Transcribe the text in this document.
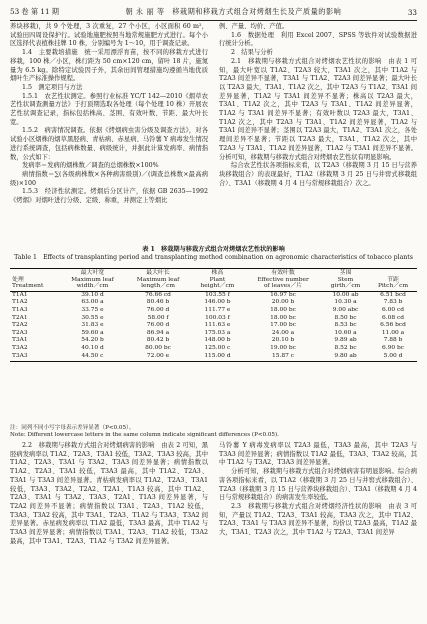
53 卷 第 11 期	朝 永 丽 等　移栽期和移栽方式组合对烤烟生长及产质量的影响	33

养块移栽)，共 9 个处理，3 次重复，27 个小区，小区面积 60 m²，试验田四周设保护行。试验地施肥按照当地常规施肥方式进行。每个小区选择代表植株挂牌 10 株，分别编号为 1～10，用于调查记录。

1.4　主要栽培措施　统一采用漂浮育苗，按不同的移栽方式进行移栽，100 株／小区，株行距为 50 cm×120 cm，留叶 18 片，施氮量为 6.5 kg。除特定试验因子外，其余田间管理措施均遵循当地优质烟叶生产标准操作规程。

1.5　测定项目与方法

1.5.1　农艺性状测定。参照行业标准 YC/T 142—2010《烟草农艺性状调查测量方法》于打顶期选取各处理（每个处理 10 株）开展农艺性状调查记录，指标包括株高、茎围、有效叶数、节距、最大叶长宽。

1.5.2　病害情况调查。依据《烤烟病虫害分级及调查方法》，对各试验小区烟株的烟草黑胫病、青枯病、赤星病、马铃薯 Y 病毒发生情况进行系统调查，包括病株数量、病级统计，并据此计算发病率、病情指数，公式如下：

发病率＝发病的烟株数／调查的总烟株数×100%

病情指数＝∑(各级病株数×各种病害级别)／(调查总株数×最高病级)×100

1.5.3　经济性状测定。烤烟后分区计产，依据 GB 2635—1992《烤烟》对烟叶进行分级、定级、称重，并测定上等烟比

例、产量、均价、产值。

1.6　数据处理　利用 Excel 2007、SPSS 等软件对试验数据进行统计分析。

2　结果与分析

2.1　移栽期与移栽方式组合对烤烟农艺性状的影响　由表 1 可知，最大叶宽以 T1A2、T2A3 较大，T3A1 次之，其中 T1A2 与 T2A3 间差异不显著，T3A1 与 T1A2、T2A3 间差异显著；最大叶长以 T2A3 最大，T3A1、T1A2 次之，其中 T2A3 与 T1A2、T3A1 间差异显著，T1A2 与 T3A1 间差异不显著；株高以 T2A3 最大，T3A1、T1A2 次之，其中 T2A3 与 T3A1、T1A2 间差异显著，T1A2 与 T3A1 间差异不显著；有效叶数以 T2A3 最大，T3A1、T1A2 次之，其中 T2A3 与 T3A1、T1A2 间差异显著，T1A2 与 T3A1 间差异不显著；茎围以 T2A3 最大，T1A2、T3A1 次之，各处理间差异不显著；节距以 T2A3 最大，T3A1、T1A2 次之，其中 T2A3 与 T3A1、T1A2 间差异显著，T1A2 与 T3A1 间差异不显著。分析可知，移栽期与移栽方式组合对烤烟农艺性状有明显影响。

综合农艺性状各项指标来看，以 T2A3（移栽期 3 月 15 日与营养块移栽组合）的表现最好，T1A2（移栽期 3 月 25 日与井窖式移栽组合）、T3A1（移栽期 4 月 4 日与常规移栽组合）次之。

表 1　移栽期与移栽方式组合对烤烟农艺性状的影响
Table 1　Effects of transplanting period and transplanting method combination on agronomic characteristics of tobacco plants
处理
Treatment	最大叶宽
Maximum leaf
width／cm	最大叶长
Maximum leaf
length／cm	株高
Plant
height／cm	有效叶数
Effective number
of leaves／片	茎围
Stem
girth／cm	节距
Pitch／cm
T1A1	39.10 d	76.66 cd	103.55 f	16.97 bc	10.00 ab	6.51 bcd
T1A2	63.00 a	80.46 b	146.00 b	20.00 b	10.30 a	7.83 b
T1A3	33.75 e	76.00 d	111.77 e	18.00 bc	9.00 abc	6.00 cd
T2A1	30.55 e	58.00 f	100.03 f	18.00 bc	8.50 bc	6.08 cd
T2A2	31.83 e	76.00 d	111.63 e	17.00 bc	8.53 bc	6.56 bcd
T2A3	59.60 a	86.94 a	175.03 a	24.00 a	10.60 a	11.00 a
T3A1	54.20 b	80.42 b	148.00 b	20.10 b	9.89 ab	7.88 b
T3A2	40.10 d	80.00 bc	125.00 c	19.00 bc	8.52 bc	6.90 bc
T3A3	44.50 c	72.00 e	115.00 d	15.87 c	9.80 ab	5.00 d
注：同列不同小写字母表示差异显著（P<0.05）。
Note: Different lowercase letters in the same column indicate significant differences (P<0.05).

2.2　移栽期与移栽方式组合对烤烟病害的影响　由表 2 可知，黑胫病发病率以 T1A2、T2A3、T3A1 较低，T3A2、T3A3 较高，其中 T1A2、T2A3、T3A1 与 T3A2、T3A3 间差异显著；病情指数以 T1A2、T2A3、T3A1 较低，T3A3 最高，其中 T1A2、T2A3、T3A1 与 T3A3 间差异显著。青枯病发病率以 T1A2、T2A3、T3A1 较低，T3A3、T3A2、T2A2、T2A1、T1A3 较高，其中 T1A2、T2A3、T3A1 与 T3A2、T3A3、T2A1、T1A3 间差异显著，与 T2A2 间差异不显著；病情指数以 T3A1、T2A3、T1A2 较低，T3A3、T3A2 较高，其中 T3A1、T2A3、T1A2 与 T3A3、T3A2 间差异显著。赤星病发病率以 T1A2 最低，T3A3 最高，其中 T1A2 与 T3A3 间差异显著；病情指数以 T3A1、T2A3、T1A2 较低，T3A2 最高，其中 T3A1、T2A3、T1A2 与 T3A2 间差异显著。

马铃薯 Y 病毒发病率以 T2A3 最低，T3A3 最高，其中 T2A3 与 T3A3 间差异显著；病情指数以 T1A2 最低，T3A3、T3A2 较高，其中 T1A2 与 T3A2、T3A3 间差异显著。

分析可知，移栽期与移栽方式组合对烤烟病害有明显影响。综合病害各项指标来看，以 T1A2（移栽期 3 月 25 日与井窖式移栽组合）、T2A3（移栽期 3 月 15 日与营养块移栽组合）、T3A1（移栽期 4 月 4 日与常规移栽组合）的病害发生率较低。

2.3　移栽期与移栽方式组合对烤烟经济性状的影响　由表 3 可知，产量以 T1A2、T2A3、T3A1 较高，T3A3 次之，其中 T1A2、T2A3、T3A1 与 T3A3 间差异不显著，均价以 T2A3 最高，T1A2 最大，T3A1、T2A3 次之，其中 T1A2 与 T2A3、T3A1 间差异
